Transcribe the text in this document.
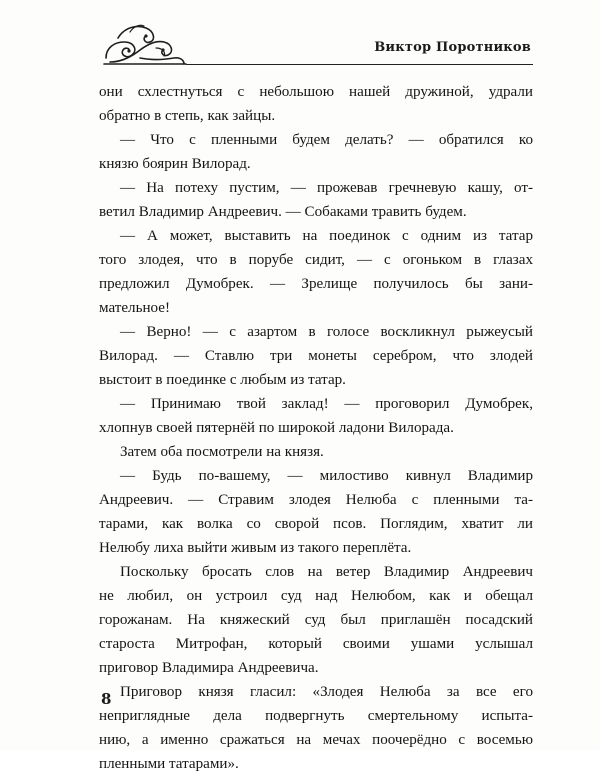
Виктор Поротников
они схлестнуться с небольшою нашей дружиной, удрали
обратно в степь, как зайцы.
— Что с пленными будем делать? — обратился ко
князю боярин Вилорад.
— На потеху пустим, — прожевав гречневую кашу, от-
ветил Владимир Андреевич. — Собаками травить будем.
— А может, выставить на поединок с одним из татар
того злодея, что в порубе сидит, — с огоньком в глазах
предложил Думобрек. — Зрелище получилось бы зани-
мательное!
— Верно! — с азартом в голосе воскликнул рыжеусый
Вилорад. — Ставлю три монеты серебром, что злодей
выстоит в поединке с любым из татар.
— Принимаю твой заклад! — проговорил Думобрек,
хлопнув своей пятернёй по широкой ладони Вилорада.
Затем оба посмотрели на князя.
— Будь по-вашему, — милостиво кивнул Владимир
Андреевич. — Стравим злодея Нелюба с пленными та-
тарами, как волка со сворой псов. Поглядим, хватит ли
Нелюбу лиха выйти живым из такого переплёта.
Поскольку бросать слов на ветер Владимир Андреевич
не любил, он устроил суд над Нелюбом, как и обещал
горожанам. На княжеский суд был приглашён посадский
староста Митрофан, который своими ушами услышал
приговор Владимира Андреевича.
Приговор князя гласил: «Злодея Нелюба за все его
неприглядные дела подвергнуть смертельному испыта-
нию, а именно сражаться на мечах поочерёдно с восемью
пленными татарами».
8
